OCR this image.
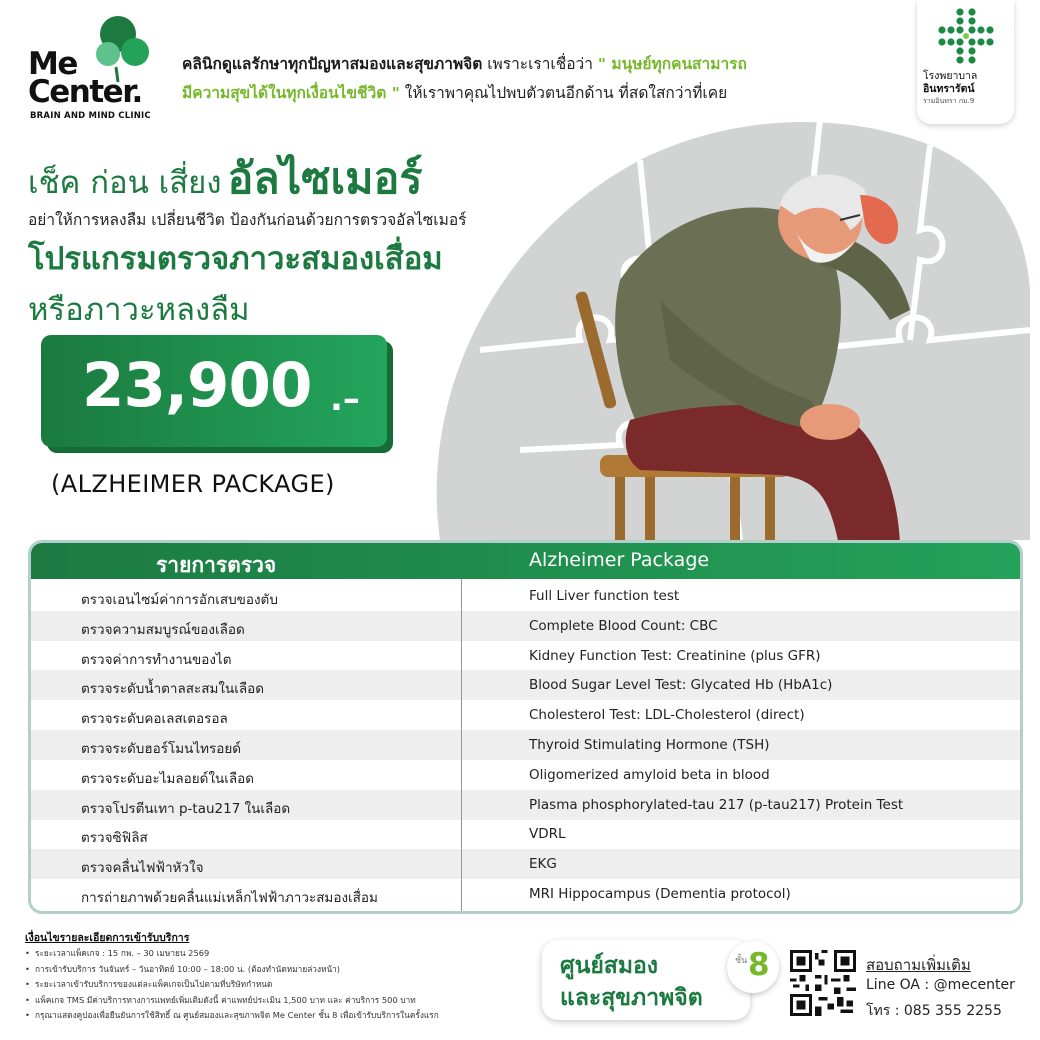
Me
Center.
BRAIN AND MIND CLINIC
คลินิกดูแลรักษาทุกปัญหาสมองและสุขภาพจิต เพราะเราเชื่อว่า " มนุษย์ทุกคนสามารถ
มีความสุขได้ในทุกเงื่อนไขชีวิต " ให้เราพาคุณไปพบตัวตนอีกด้าน ที่สดใสกว่าที่เคย
โรงพยาบาล
อินทรารัตน์
รามอินทรา กม.9
เช็ค ก่อน เสี่ยง อัลไซเมอร์
อย่าให้การหลงลืม เปลี่ยนชีวิต ป้องกันก่อนด้วยการตรวจอัลไซเมอร์
โปรแกรมตรวจภาวะสมองเสื่อม
หรือภาวะหลงลืม
23,900 .–
(ALZHEIMER PACKAGE)
รายการตรวจ	Alzheimer Package
ตรวจเอนไซม์ค่าการอักเสบของตับ	Full Liver function test
ตรวจความสมบูรณ์ของเลือด	Complete Blood Count: CBC
ตรวจค่าการทำงานของไต	Kidney Function Test: Creatinine (plus GFR)
ตรวจระดับน้ำตาลสะสมในเลือด	Blood Sugar Level Test: Glycated Hb (HbA1c)
ตรวจระดับคอเลสเตอรอล	Cholesterol Test: LDL-Cholesterol (direct)
ตรวจระดับฮอร์โมนไทรอยด์	Thyroid Stimulating Hormone (TSH)
ตรวจระดับอะไมลอยด์ในเลือด	Oligomerized amyloid beta in blood
ตรวจโปรตีนเทา p-tau217 ในเลือด	Plasma phosphorylated-tau 217 (p-tau217) Protein Test
ตรวจซิฟิลิส	VDRL
ตรวจคลื่นไฟฟ้าหัวใจ	EKG
การถ่ายภาพด้วยคลื่นแม่เหล็กไฟฟ้าภาวะสมองเสื่อม	MRI Hippocampus (Dementia protocol)
เงื่อนไขรายละเอียดการเข้ารับบริการ
• ระยะเวลาแพ็คเกจ : 15 กพ. – 30 เมษายน 2569
• การเข้ารับบริการ วันจันทร์ – วันอาทิตย์ 10:00 – 18:00 น. (ต้องทำนัดหมายล่วงหน้า)
• ระยะเวลาเข้ารับบริการของแต่ละแพ็คเกจเป็นไปตามที่บริษัทกำหนด
• แพ็คเกจ TMS มีค่าบริการทางการแพทย์เพิ่มเติมดังนี้ ค่าแพทย์ประเมิน 1,500 บาท และ ค่าบริการ 500 บาท
• กรุณาแสดงคูปองเพื่อยืนยันการใช้สิทธิ์ ณ ศูนย์สมองและสุขภาพจิต Me Center ชั้น 8 เพื่อเข้ารับบริการในครั้งแรก
ศูนย์สมอง
และสุขภาพจิต
ชั้น 8	สอบถามเพิ่มเติม
Line OA : @mecenter
โทร : 085 355 2255
